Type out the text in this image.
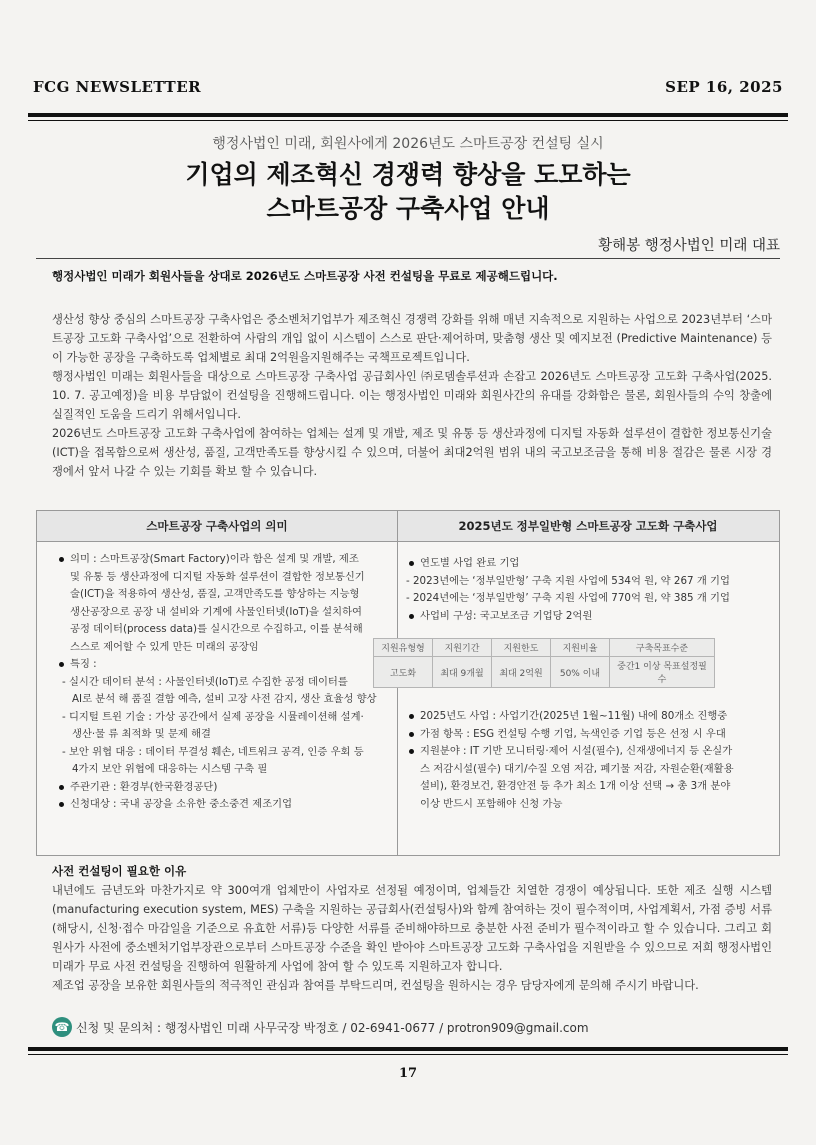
FCG NEWSLETTER	SEP 16, 2025
행정사법인 미래, 회원사에게 2026년도 스마트공장 컨설팅 실시
기업의 제조혁신 경쟁력 향상을 도모하는
스마트공장 구축사업 안내
황해봉 행정사법인 미래 대표
행정사법인 미래가 회원사들을 상대로 2026년도 스마트공장 사전 컨설팅을 무료로 제공해드립니다.

생산성 향상 중심의 스마트공장 구축사업은 중소벤처기업부가 제조혁신 경쟁력 강화를 위해 매년 지속적으로 지원하는 사업으로 2023년부터 ‘스마트공장 고도화 구축사업’으로 전환하여 사람의 개입 없이 시스템이 스스로 판단·제어하며, 맞춤형 생산 및 예지보전 (Predictive Maintenance) 등이 가능한 공장을 구축하도록 업체별로 최대 2억원을지원해주는 국책프로젝트입니다.

행정사법인 미래는 회원사들을 대상으로 스마트공장 구축사업 공급회사인 ㈜로뎀솔루션과 손잡고 2026년도 스마트공장 고도화 구축사업(2025. 10. 7. 공고예정)을 비용 부담없이 컨설팅을 진행해드립니다. 이는 행정사법인 미래와 회원사간의 유대를 강화함은 물론, 회원사들의 수익 창출에 실질적인 도움을 드리기 위해서입니다.

2026년도 스마트공장 고도화 구축사업에 참여하는 업체는 설계 및 개발, 제조 및 유통 등 생산과정에 디지털 자동화 설루션이 결합한 정보통신기술(ICT)을 접목함으로써 생산성, 품질, 고객만족도를 향상시킬 수 있으며, 더불어 최대2억원 범위 내의 국고보조금을 통해 비용 절감은 물론 시장 경쟁에서 앞서 나갈 수 있는 기회를 확보 할 수 있습니다.

스마트공장 구축사업의 의미	2025년도 정부일반형 스마트공장 고도화 구축사업
의미 : 스마트공장(Smart Factory)이라 함은 설계 및 개발, 제조
및 유통 등 생산과정에 디지털 자동화 설루션이 결합한 정보통신기
술(ICT)을 적용하여 생산성, 품질, 고객만족도를 향상하는 지능형
생산공장으로 공장 내 설비와 기계에 사물인터넷(IoT)을 설치하여
공정 데이터(process data)를 실시간으로 수집하고, 이를 분석해
스스로 제어할 수 있게 만든 미래의 공장임
특징 :
- 실시간 데이터 분석 : 사물인터넷(IoT)로 수집한 공정 데이터를
AI로 분석 해 품질 결함 예측, 설비 고장 사전 감지, 생산 효율성 향상
- 디지털 트윈 기술 : 가상 공간에서 실제 공장을 시뮬레이션해 설계·
생산·물 류 최적화 및 문제 해결
- 보안 위협 대응 : 데이터 무결성 훼손, 네트워크 공격, 인증 우회 등
4가지 보안 위협에 대응하는 시스템 구축 필
주관기관 : 환경부(한국환경공단)
신청대상 : 국내 공장을 소유한 중소중견 제조기업
연도별 사업 완료 기업
- 2023년에는 ‘정부일반형’ 구축 지원 사업에 534억 원, 약 267 개 기업
- 2024년에는 ‘정부일반형’ 구축 지원 사업에 770억 원, 약 385 개 기업
사업비 구성: 국고보조금 기업당 2억원
지원유형형	지원기간	지원한도	지원비율	구축목표수준
고도화	최대 9개월	최대 2억원	50% 이내	중간1 이상 목표설정필수
2025년도 사업 : 사업기간(2025년 1월~11월) 내에 80개소 진행중
가점 항목 : ESG 컨설팅 수행 기업, 녹색인증 기업 등은 선정 시 우대
지원분야 : IT 기반 모니터링·제어 시설(필수), 신재생에너지 등 온실가
스 저감시설(필수) 대기/수질 오염 저감, 폐기물 저감, 자원순환(재활용
설비), 환경보건, 환경안전 등 추가 최소 1개 이상 선택 → 총 3개 분야
이상 반드시 포함해야 신청 가능
사전 컨설팅이 필요한 이유

내년에도 금년도와 마찬가지로 약 300여개 업체만이 사업자로 선정될 예정이며, 업체들간 치열한 경쟁이 예상됩니다. 또한 제조 실행 시스템(manufacturing execution system, MES) 구축을 지원하는 공급회사(컨설팅사)와 함께 참여하는 것이 필수적이며, 사업계획서, 가점 증빙 서류(해당시, 신청·접수 마감일을 기준으로 유효한 서류)등 다양한 서류를 준비해야하므로 충분한 사전 준비가 필수적이라고 할 수 있습니다. 그리고 회원사가 사전에 중소벤처기업부장관으로부터 스마트공장 수준을 확인 받아야 스마트공장 고도화 구축사업을 지원받을 수 있으므로 저희 행정사법인 미래가 무료 사전 컨설팅을 진행하여 원활하게 사업에 참여 할 수 있도록 지원하고자 합니다.

제조업 공장을 보유한 회원사들의 적극적인 관심과 참여를 부탁드리며, 컨설팅을 원하시는 경우 담당자에게 문의해 주시기 바랍니다.

☎ 신청 및 문의처 : 행정사법인 미래 사무국장 박정호 / 02-6941-0677 / protron909@gmail.com
17
